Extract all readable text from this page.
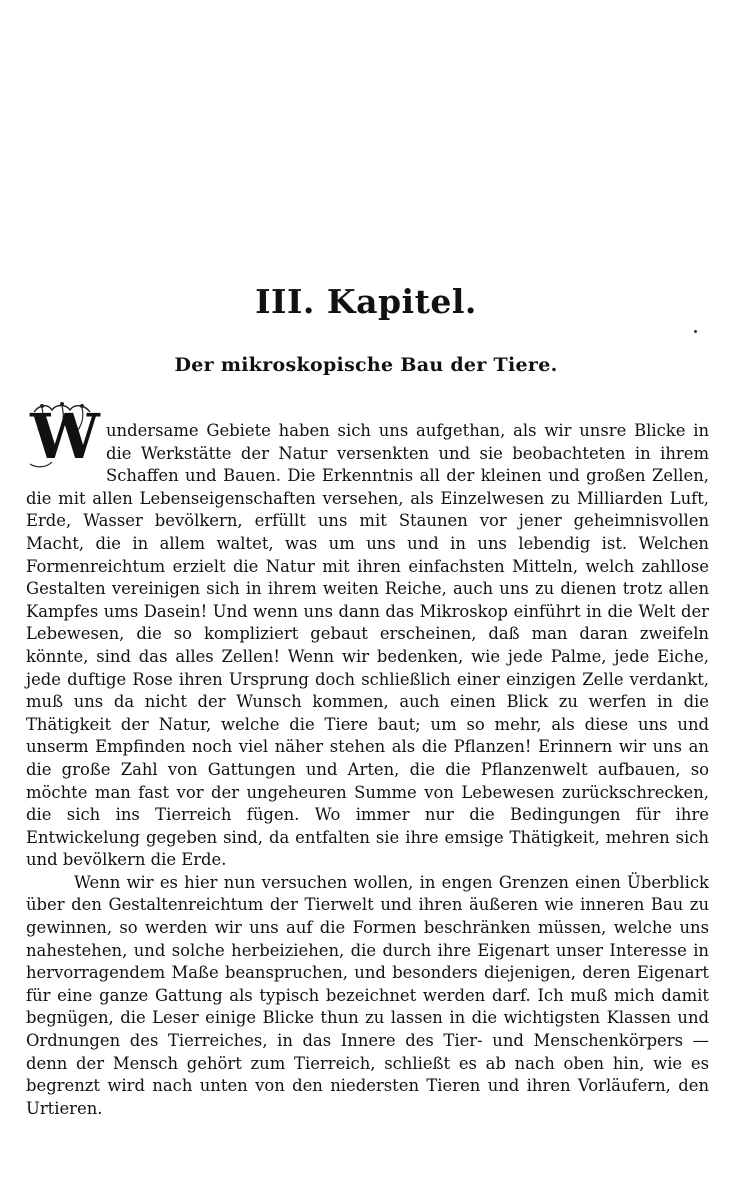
III. Kapitel.
Der mikroskopische Bau der Tiere.

W undersame Gebiete haben sich uns aufgethan, als wir unsre Blicke in die Werkstätte der Natur versenkten und sie beobachteten in ihrem Schaffen und Bauen. Die Erkenntnis all der kleinen und großen Zellen, die mit allen Lebenseigenschaften versehen, als Einzelwesen zu Milliarden Luft, Erde, Wasser bevölkern, erfüllt uns mit Staunen vor jener geheimnisvollen Macht, die in allem waltet, was um uns und in uns lebendig ist. Welchen Formenreichtum erzielt die Natur mit ihren einfachsten Mitteln, welch zahllose Gestalten vereinigen sich in ihrem weiten Reiche, auch uns zu dienen trotz allen Kampfes ums Dasein! Und wenn uns dann das Mikroskop einführt in die Welt der Lebewesen, die so kompliziert gebaut erscheinen, daß man daran zweifeln könnte, sind das alles Zellen! Wenn wir bedenken, wie jede Palme, jede Eiche, jede duftige Rose ihren Ursprung doch schließlich einer einzigen Zelle verdankt, muß uns da nicht der Wunsch kommen, auch einen Blick zu werfen in die Thätigkeit der Natur, welche die Tiere baut; um so mehr, als diese uns und unserm Empfinden noch viel näher stehen als die Pflanzen! Erinnern wir uns an die große Zahl von Gattungen und Arten, die die Pflanzenwelt aufbauen, so möchte man fast vor der ungeheuren Summe von Lebewesen zurückschrecken, die sich ins Tierreich fügen. Wo immer nur die Bedingungen für ihre Entwickelung gegeben sind, da entfalten sie ihre emsige Thätigkeit, mehren sich und bevölkern die Erde.

Wenn wir es hier nun versuchen wollen, in engen Grenzen einen Überblick über den Gestaltenreichtum der Tierwelt und ihren äußeren wie inneren Bau zu gewinnen, so werden wir uns auf die Formen beschränken müssen, welche uns nahestehen, und solche herbeiziehen, die durch ihre Eigenart unser Interesse in hervorragendem Maße beanspruchen, und besonders diejenigen, deren Eigenart für eine ganze Gattung als typisch bezeichnet werden darf. Ich muß mich damit begnügen, die Leser einige Blicke thun zu lassen in die wichtigsten Klassen und Ordnungen des Tierreiches, in das Innere des Tier- und Menschenkörpers — denn der Mensch gehört zum Tierreich, schließt es ab nach oben hin, wie es begrenzt wird nach unten von den niedersten Tieren und ihren Vorläufern, den Urtieren.
